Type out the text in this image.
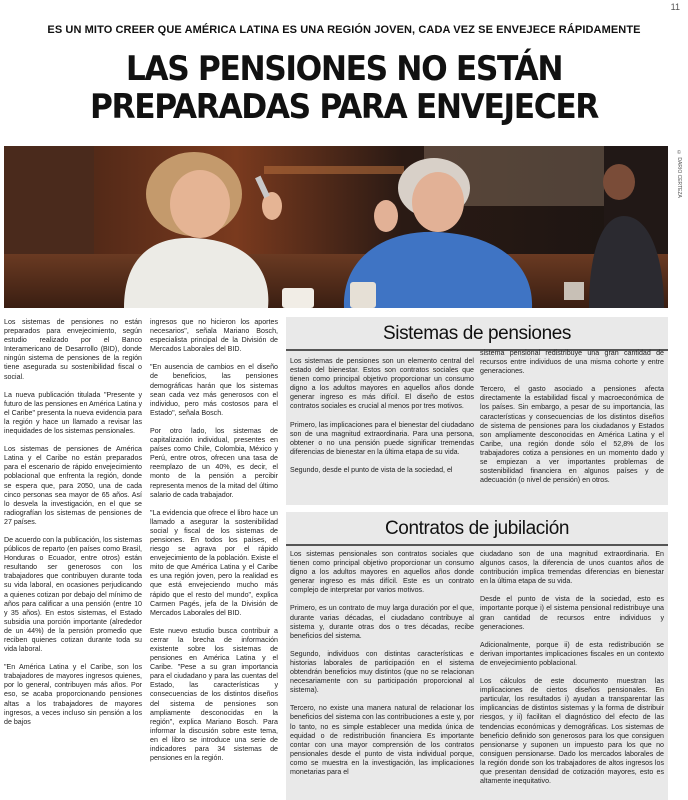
11
ES UN MITO CREER QUE AMÉRICA LATINA ES UNA REGIÓN JOVEN, CADA VEZ SE ENVEJECE RÁPIDAMENTE
LAS PENSIONES NO ESTÁN
PREPARADAS PARA ENVEJECER
© DARIO CERTEZA

Los sistemas de pensiones no están preparados para envejecimiento, según estudio realizado por el Banco Interamericano de Desarrollo (BID), donde ningún sistema de pensiones de la región tiene asegurada su sostenibilidad fiscal o social.

La nueva publicación titulada "Presente y futuro de las pensiones en América Latina y el Caribe" presenta la nueva evidencia para la región y hace un llamado a revisar las inequidades de los sistemas pensionales.

Los sistemas de pensiones de América Latina y el Caribe no están preparados para el escenario de rápido envejecimiento poblacional que enfrenta la región, donde se espera que, para 2050, una de cada cinco personas sea mayor de 65 años. Así lo desvela la investigación, en el que se radiografían los sistemas de pensiones de 27 países.

De acuerdo con la publicación, los sistemas públicos de reparto (en países como Brasil, Honduras o Ecuador, entre otros) están resultando ser generosos con los trabajadores que contribuyen durante toda su vida laboral, en ocasiones perjudicando a quienes cotizan por debajo del mínimo de años para calificar a una pensión (entre 10 y 35 años). En estos sistemas, el Estado subsidia una porción importante (alrededor de un 44%) de la pensión promedio que reciben quienes cotizan durante toda su vida laboral.

"En América Latina y el Caribe, son los trabajadores de mayores ingresos quienes, por lo general, contribuyen más años. Por eso, se acaba proporcionando pensiones altas a los trabajadores de mayores ingresos, a veces incluso sin pensión a los de bajos

ingresos que no hicieron los aportes necesarios", señala Mariano Bosch, especialista principal de la División de Mercados Laborales del BID.

"En ausencia de cambios en el diseño de beneficios, las pensiones demográficas harán que los sistemas sean cada vez más generosos con el individuo, pero más costosos para el Estado", señala Bosch.

Por otro lado, los sistemas de capitalización individual, presentes en países como Chile, Colombia, México y Perú, entre otros, ofrecen una tasa de reemplazo de un 40%, es decir, el monto de la pensión a percibir representa menos de la mitad del último salario de cada trabajador.

"La evidencia que ofrece el libro hace un llamado a asegurar la sostenibilidad social y fiscal de los sistemas de pensiones. En todos los países, el riesgo se agrava por el rápido envejecimiento de la población. Existe el mito de que América Latina y el Caribe es una región joven, pero la realidad es que está envejeciendo mucho más rápido que el resto del mundo", explica Carmen Pagés, jefa de la División de Mercados Laborales del BID.

Este nuevo estudio busca contribuir a cerrar la brecha de información existente sobre los sistemas de pensiones en América Latina y el Caribe. "Pese a su gran importancia para el ciudadano y para las cuentas del Estado, las características y consecuencias de los distintos diseños del sistema de pensiones son ampliamente desconocidas en la región", explica Mariano Bosch. Para informar la discusión sobre este tema, en el libro se introduce una serie de indicadores para 34 sistemas de pensiones en la región.

Sistemas de pensiones

Los sistemas de pensiones son un elemento central del estado del bienestar. Estos son contratos sociales que tienen como principal objetivo proporcionar un consumo digno a los adultos mayores en aquellos años donde generar ingreso es más difícil. El diseño de estos contratos sociales es crucial al menos por tres motivos.

Primero, las implicaciones para el bienestar del ciudadano son de una magnitud extraordinaria. Para una persona, obtener o no una pensión puede significar tremendas diferencias de bienestar en la última etapa de su vida.

Segundo, desde el punto de vista de la sociedad, el

sistema pensional redistribuye una gran cantidad de recursos entre individuos de una misma cohorte y entre generaciones.

Tercero, el gasto asociado a pensiones afecta directamente la estabilidad fiscal y macroeconómica de los países. Sin embargo, a pesar de su importancia, las características y consecuencias de los distintos diseños de sistema de pensiones para los ciudadanos y Estados son ampliamente desconocidas en América Latina y el Caribe, una región donde sólo el 52,8% de los trabajadores cotiza a pensiones en un momento dado y se empiezan a ver importantes problemas de sostenibilidad financiera en algunos países y de adecuación (o nivel de pensión) en otros.

Contratos de jubilación

Los sistemas pensionales son contratos sociales que tienen como principal objetivo proporcionar un consumo digno a los adultos mayores en aquellos años donde generar ingreso es más difícil. Este es un contrato complejo de interpretar por varios motivos.

Primero, es un contrato de muy larga duración por el que, durante varias décadas, el ciudadano contribuye al sistema y, durante otras dos o tres décadas, recibe beneficios del sistema.

Segundo, individuos con distintas características e historias laborales de participación en el sistema obtendrán beneficios muy distintos (que no se relacionan necesariamente con su participación proporcional al sistema).

Tercero, no existe una manera natural de relacionar los beneficios del sistema con las contribuciones a este y, por lo tanto, no es simple establecer una medida única de equidad o de redistribución financiera Es importante contar con una mayor comprensión de los contratos pensionales desde el punto de vista individual porque, como se muestra en la investigación, las implicaciones monetarias para el

ciudadano son de una magnitud extraordinaria. En algunos casos, la diferencia de unos cuantos años de contribución implica tremendas diferencias en bienestar en la última etapa de su vida.

Desde el punto de vista de la sociedad, esto es importante porque i) el sistema pensional redistribuye una gran cantidad de recursos entre individuos y generaciones.

Adicionalmente, porque ii) de esta redistribución se derivan importantes implicaciones fiscales en un contexto de envejecimiento poblacional.

Los cálculos de este documento muestran las implicaciones de ciertos diseños pensionales. En particular, los resultados i) ayudan a transparentar las implicancias de distintos sistemas y la forma de distribuir riesgos, y ii) facilitan el diagnóstico del efecto de las tendencias económicas y demográficas. Los sistemas de beneficio definido son generosos para los que consiguen pensionarse y suponen un impuesto para los que no consiguen pensionarse. Dado los mercados laborales de la región donde son los trabajadores de altos ingresos los que presentan densidad de cotización mayores, esto es altamente inequitativo.
